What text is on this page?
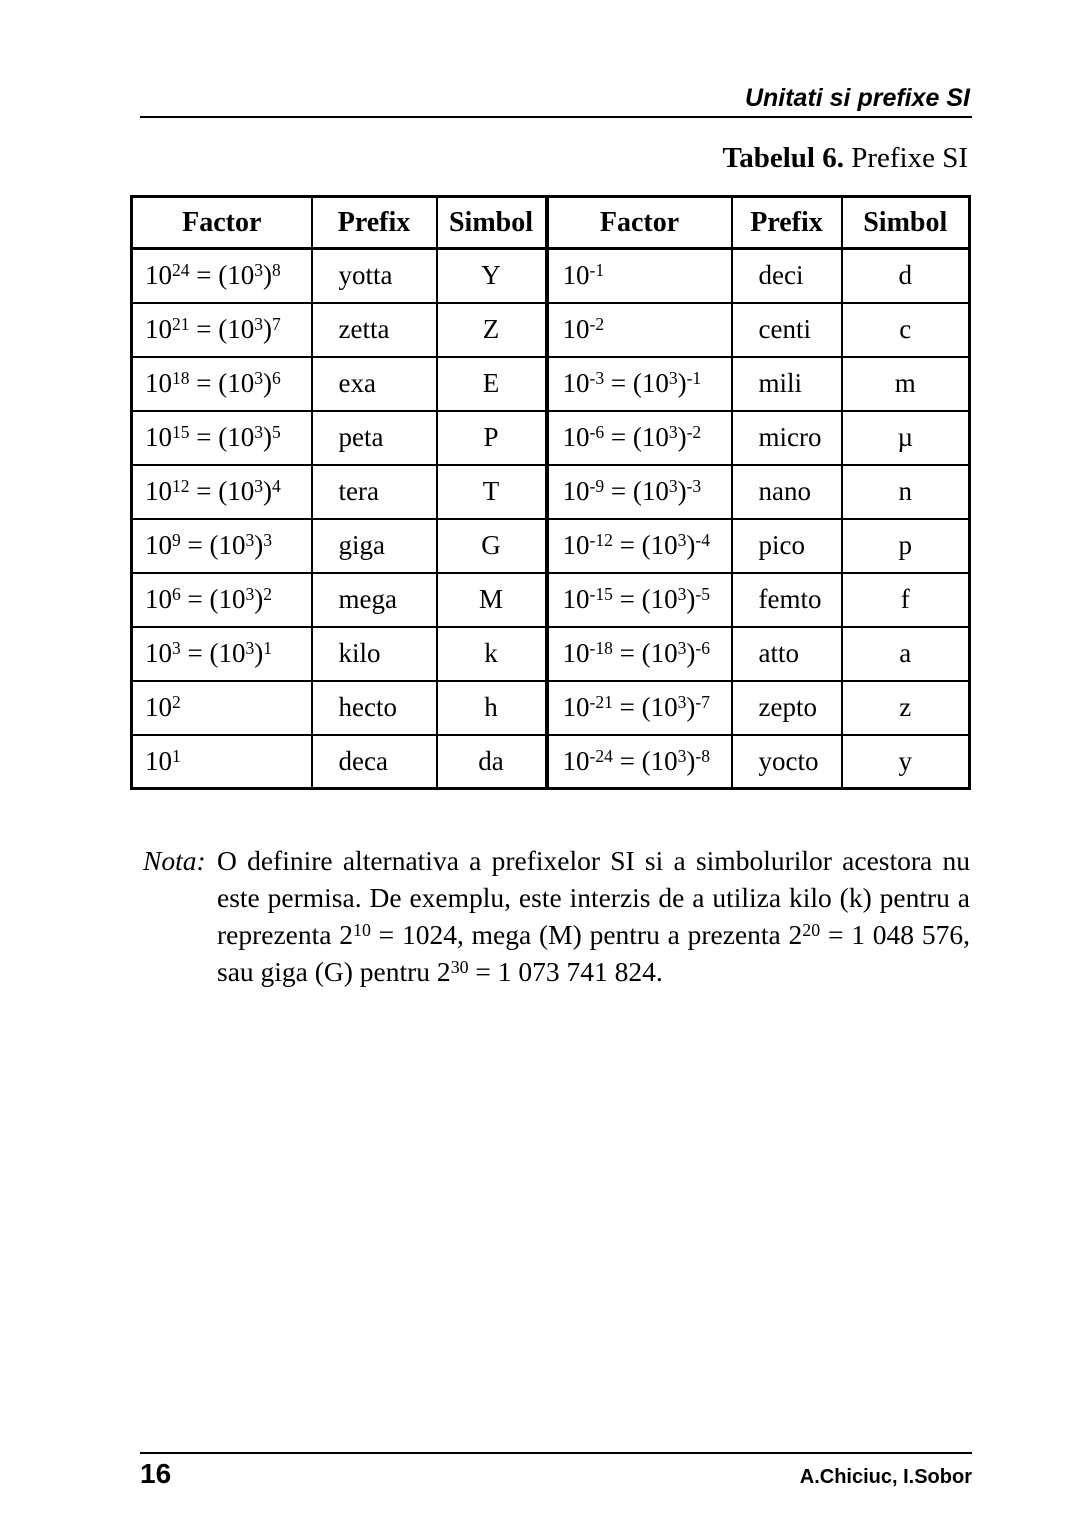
Unitati si prefixe SI
Tabelul 6. Prefixe SI
Factor	Prefix	Simbol	Factor	Prefix	Simbol
$10^{24} = (10^3)^8$	yotta	Y	$10^{-1}$	deci	d
$10^{21} = (10^3)^7$	zetta	Z	$10^{-2}$	centi	c
$10^{18} = (10^3)^6$	exa	E	$10^{-3} = (10^3)^{-1}$	mili	m
$10^{15} = (10^3)^5$	peta	P	$10^{-6} = (10^3)^{-2}$	micro	µ
$10^{12} = (10^3)^4$	tera	T	$10^{-9} = (10^3)^{-3}$	nano	n
$10^9 = (10^3)^3$	giga	G	$10^{-12} = (10^3)^{-4}$	pico	p
$10^6 = (10^3)^2$	mega	M	$10^{-15} = (10^3)^{-5}$	femto	f
$10^3 = (10^3)^1$	kilo	k	$10^{-18} = (10^3)^{-6}$	atto	a
$10^2$	hecto	h	$10^{-21} = (10^3)^{-7}$	zepto	z
$10^1$	deca	da	$10^{-24} = (10^3)^{-8}$	yocto	y
Nota: O definire alternativa a prefixelor SI si a simbolurilor acestora nu este permisa. De exemplu, este interzis de a utiliza kilo (k) pentru a reprezenta $2^{10} = 1024$, mega (M) pentru a prezenta $2^{20} = 1$ 048 576, sau giga (G) pentru $2^{30} = 1$ 073 741 824.
16	A.Chiciuc, I.Sobor
